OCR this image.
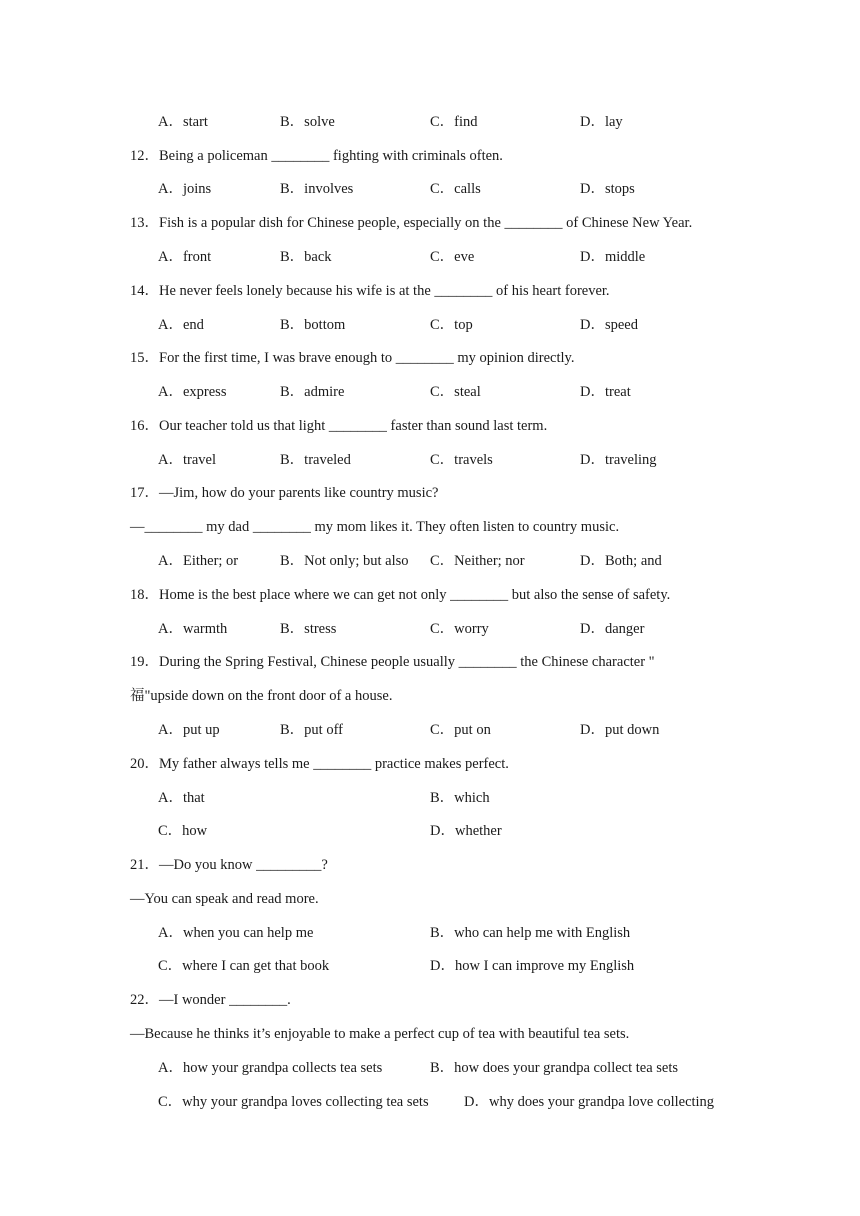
A．start	B．solve	C．find	D．lay
12．Being a policeman ________ fighting with criminals often.
A．joins	B．involves	C．calls	D．stops
13．Fish is a popular dish for Chinese people, especially on the ________ of Chinese New Year.
A．front	B．back	C．eve	D．middle
14．He never feels lonely because his wife is at the ________ of his heart forever.
A．end	B．bottom	C．top	D．speed
15．For the first time, I was brave enough to ________ my opinion directly.
A．express	B．admire	C．steal	D．treat
16．Our teacher told us that light ________ faster than sound last term.
A．travel	B．traveled	C．travels	D．traveling
17．—Jim, how do your parents like country music?
—________ my dad ________ my mom likes it. They often listen to country music.
A．Either; or	B．Not only; but also C．Neither; nor	D．Both; and
18．Home is the best place where we can get not only ________ but also the sense of safety.
A．warmth	B．stress	C．worry	D．danger
19．During the Spring Festival, Chinese people usually ________ the Chinese character "
福"upside down on the front door of a house.
A．put up	B．put off	C．put on	D．put down
20．My father always tells me ________ practice makes perfect.
A．that	B．which
C．how	D．whether
21．—Do you know _________?
—You can speak and read more.
A．when you can help me	B．who can help me with English
C．where I can get that book	D．how I can improve my English
22．—I wonder ________.
—Because he thinks it’s enjoyable to make a perfect cup of tea with beautiful tea sets.
A．how your grandpa collects tea sets	B．how does your grandpa collect tea sets
C．why your grandpa loves collecting tea sets D．why does your grandpa love collecting
